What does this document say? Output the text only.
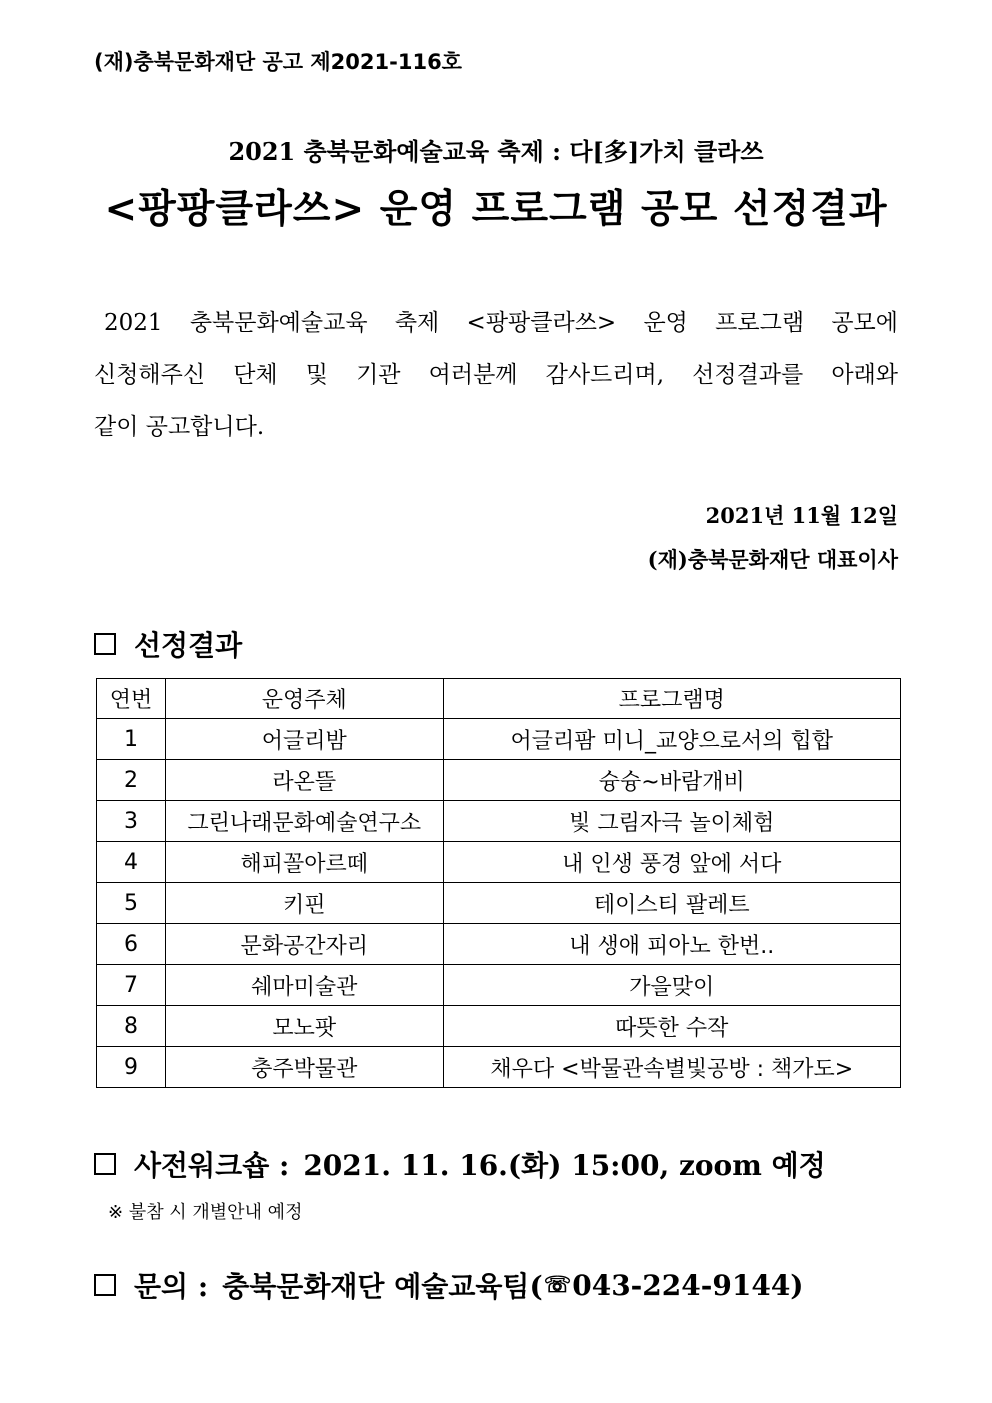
(재)충북문화재단 공고 제2021-116호
2021 충북문화예술교육 축제 : 다[多]가치 클라쓰
<팡팡클라쓰> 운영 프로그램 공모 선정결과
2021 충북문화예술교육 축제 <팡팡클라쓰> 운영 프로그램 공모에
신청해주신 단체 및 기관 여러분께 감사드리며, 선정결과를 아래와
같이 공고합니다.
2021년 11월 12일
(재)충북문화재단 대표이사
선정결과
연번	운영주체	프로그램명
1	어글리밤	어글리팜 미니_교양으로서의 힙합
2	라온뜰	슝슝~바람개비
3	그린나래문화예술연구소	빛 그림자극 놀이체험
4	해피꼴아르떼	내 인생 풍경 앞에 서다
5	키핀	테이스티 팔레트
6	문화공간자리	내 생애 피아노 한번..
7	쉐마미술관	가을맞이
8	모노팟	따뜻한 수작
9	충주박물관	채우다 <박물관속별빛공방 : 책가도>
사전워크숍 : 2021. 11. 16.(화) 15:00, zoom 예정
※ 불참 시 개별안내 예정
문의 : 충북문화재단 예술교육팀( ☏ 043-224-9144)
